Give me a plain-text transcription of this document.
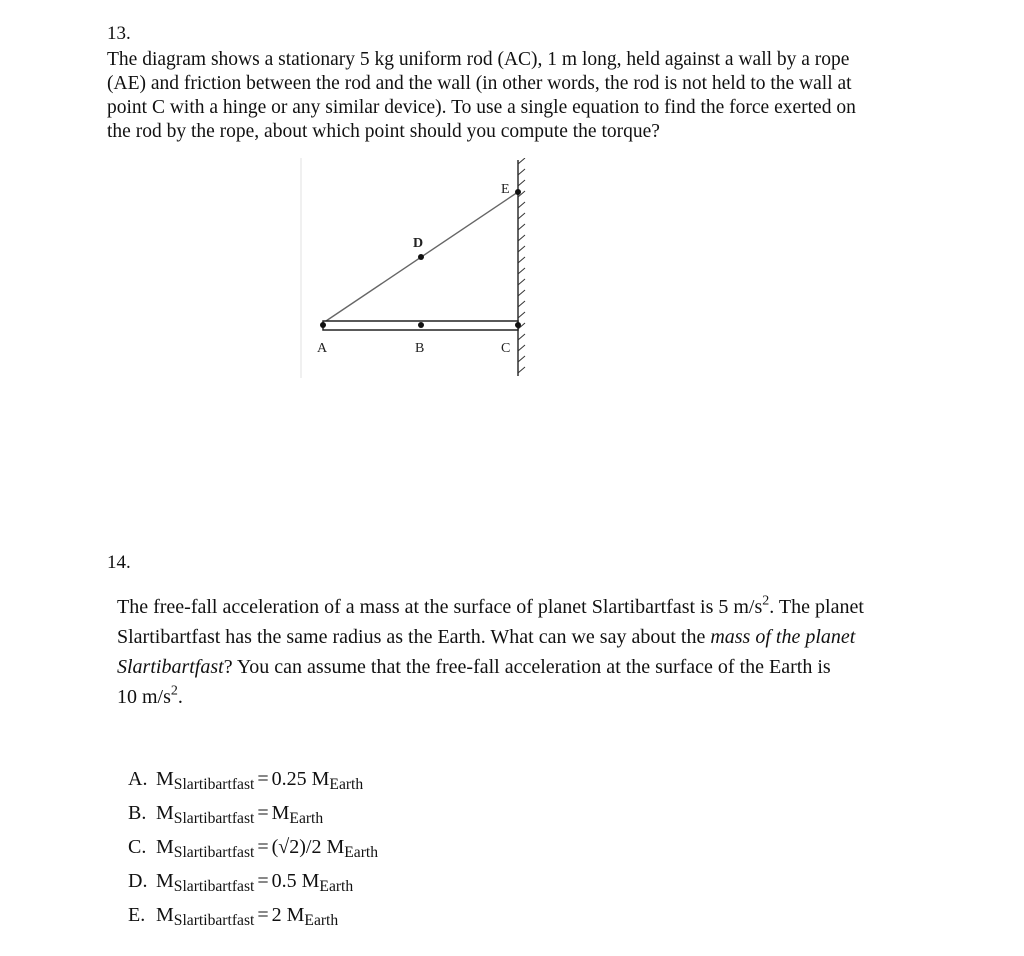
13.

The diagram shows a stationary 5 kg uniform rod (AC), 1 m long, held against a wall by a rope

(AE) and friction between the rod and the wall (in other words, the rod is not held to the wall at

point C with a hinge or any similar device). To use a single equation to find the force exerted on

the rod by the rope, about which point should you compute the torque?

A	B	C
D
E
14.

The free-fall acceleration of a mass at the surface of planet Slartibartfast is 5 $m/s^2$. The planet

Slartibartfast has the same radius as the Earth. What can we say about the mass of the planet

Slartibartfast? You can assume that the free-fall acceleration at the surface of the Earth is

10 $m/s^2$.

A. $M_{Slartibartfast} = 0.25$ $M_{Earth}$
B. $M_{Slartibartfast} = M_{Earth}$
C. $M_{Slartibartfast} = (√2)/2$ $M_{Earth}$
D. $M_{Slartibartfast} = 0.5$ $M_{Earth}$
E. $M_{Slartibartfast} = 2$ $M_{Earth}$
